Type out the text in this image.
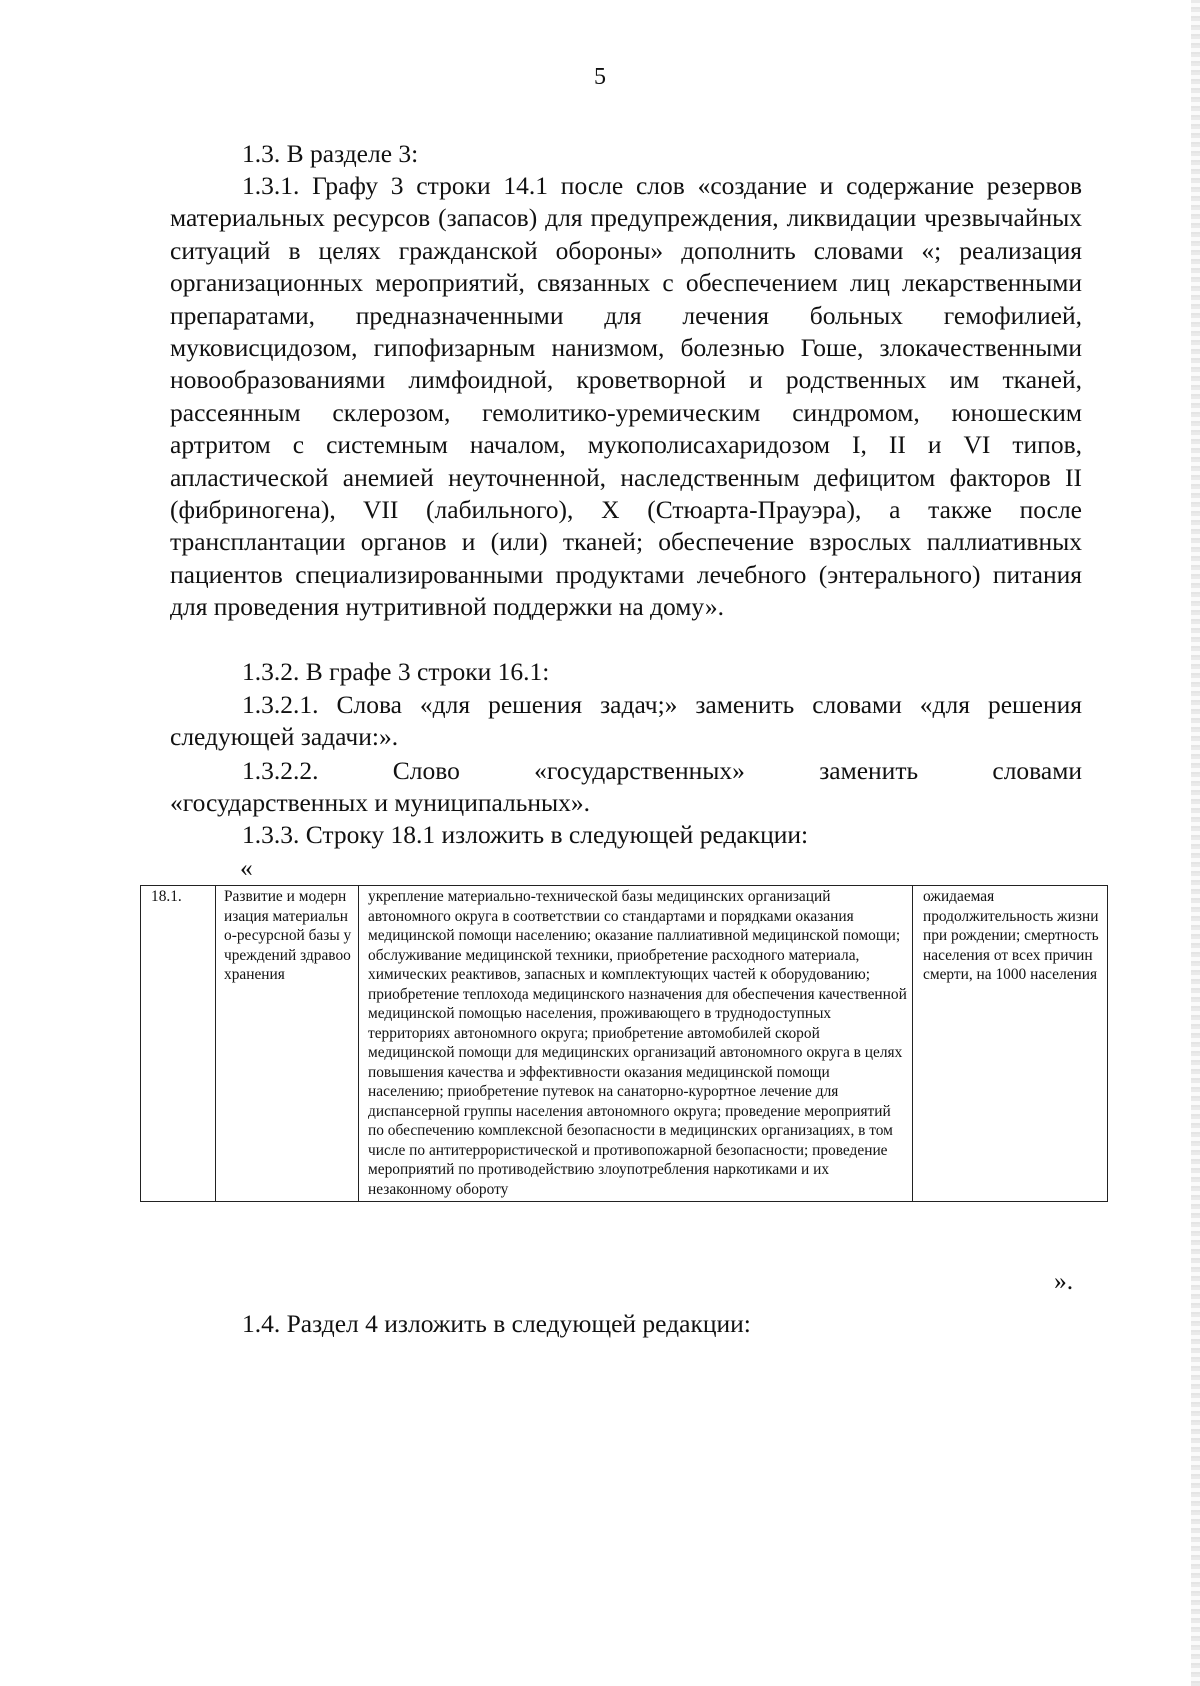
5

1.3. В разделе 3:

1.3.1. Графу 3 строки 14.1 после слов «создание и содержание резервов материальных ресурсов (запасов) для предупреждения, ликвидации чрезвычайных ситуаций в целях гражданской обороны» дополнить словами «; реализация организационных мероприятий, связанных с обеспечением лиц лекарственными препаратами, предназначенными для лечения больных гемофилией, муковисцидозом, гипофизарным нанизмом, болезнью Гоше, злокачественными новообразованиями лимфоидной, кроветворной и родственных им тканей, рассеянным склерозом, гемолитико-уремическим синдромом, юношеским артритом с системным началом, мукополисахаридозом I, II и VI типов, апластической анемией неуточненной, наследственным дефицитом факторов II (фибриногена), VII (лабильного), X (Стюарта-Прауэра), а также после трансплантации органов и (или) тканей; обеспечение взрослых паллиативных пациентов специализированными продуктами лечебного (энтерального) питания для проведения нутритивной поддержки на дому».

1.3.2. В графе 3 строки 16.1:

1.3.2.1. Слова «для решения задач;» заменить словами «для решения следующей задачи:».

1.3.2.2. Слово «государственных» заменить словами

«государственных и муниципальных».

1.3.3. Строку 18.1 изложить в следующей редакции:

«

18.1.	Развитие и модернизация материально-ресурсной базы учреждений здравоохранения	укрепление материально-технической базы медицинских организаций автономного округа в соответствии со стандартами и порядками оказания медицинской помощи населению; оказание паллиативной медицинской помощи; обслуживание медицинской техники, приобретение расходного материала, химических реактивов, запасных и комплектующих частей к оборудованию; приобретение теплохода медицинского назначения для обеспечения качественной медицинской помощью населения, проживающего в труднодоступных территориях автономного округа; приобретение автомобилей скорой медицинской помощи для медицинских организаций автономного округа в целях повышения качества и эффективности оказания медицинской помощи населению; приобретение путевок на санаторно-курортное лечение для диспансерной группы населения автономного округа; проведение мероприятий по обеспечению комплексной безопасности в медицинских организациях, в том числе по антитеррористической и противопожарной безопасности; проведение мероприятий по противодействию злоупотребления наркотиками и их незаконному обороту	ожидаемая продолжительность жизни при рождении; смертность населения от всех причин смерти, на 1000 населения

».

1.4. Раздел 4 изложить в следующей редакции:
